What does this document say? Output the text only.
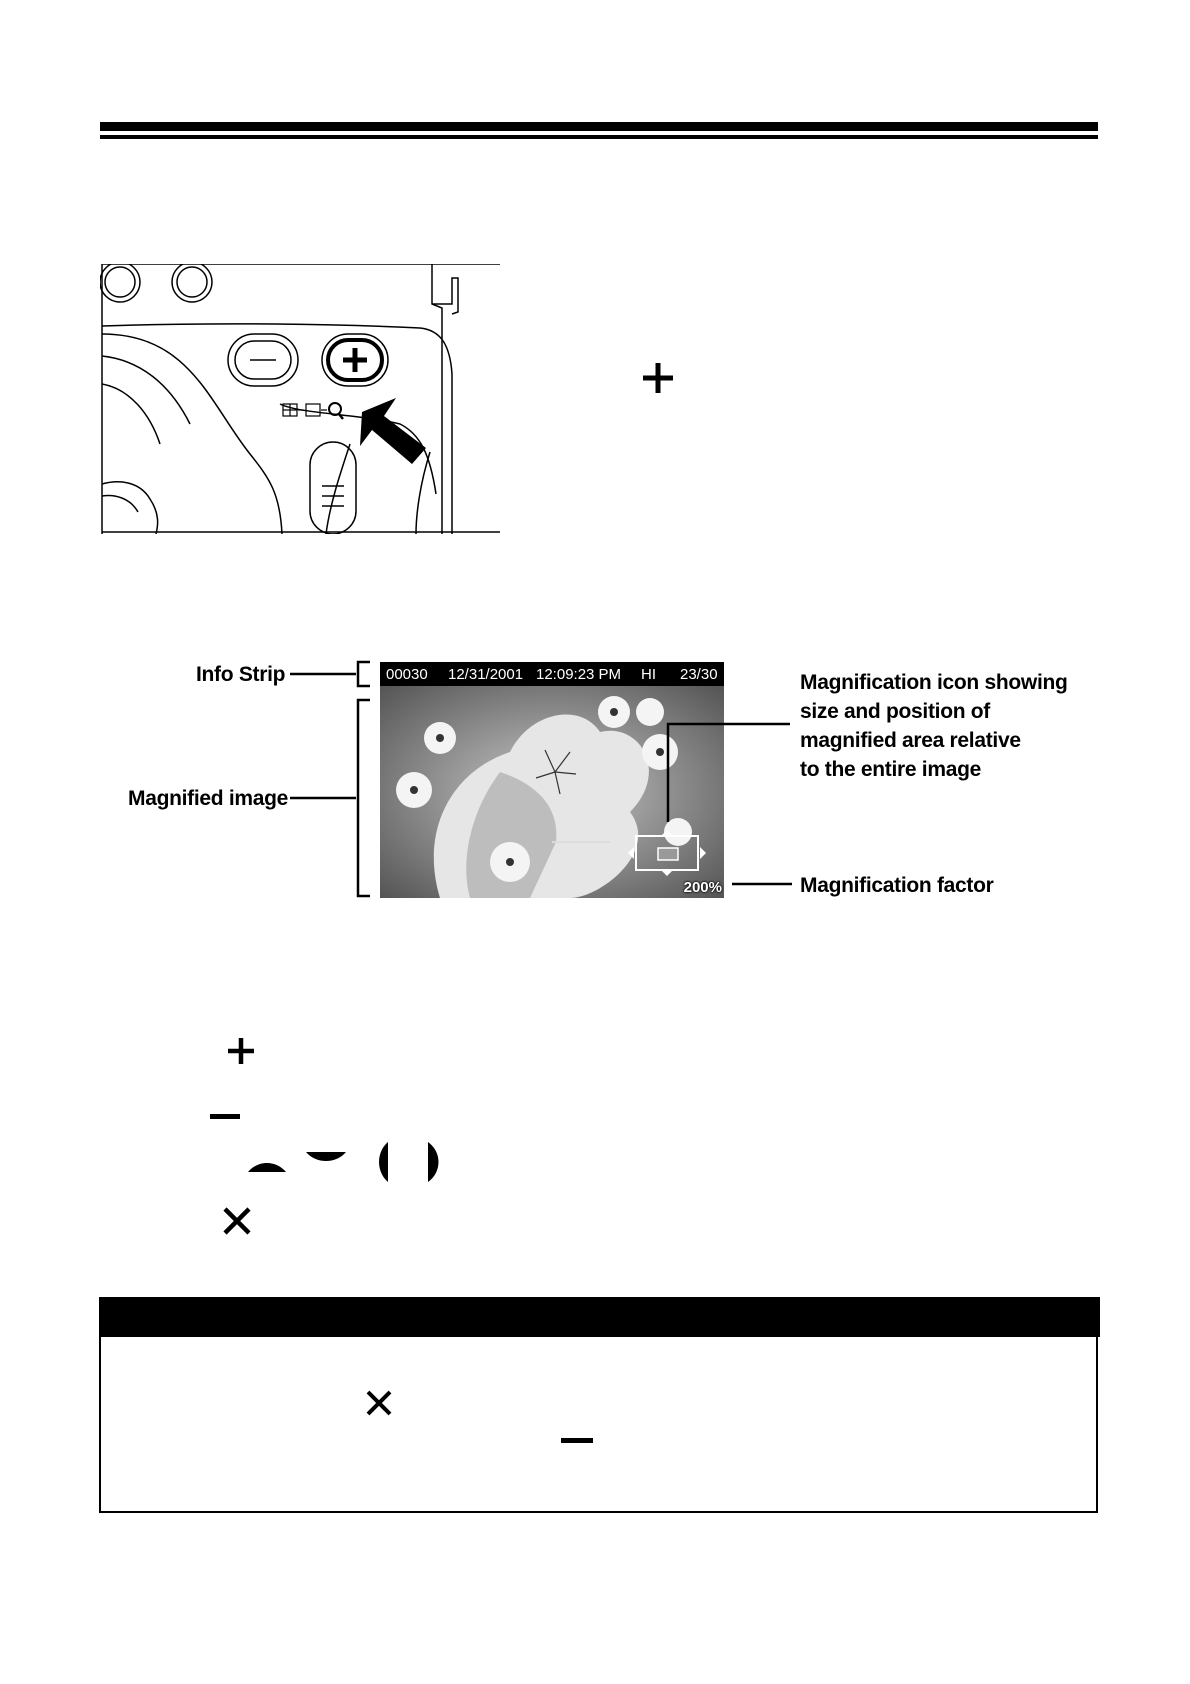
00030 12/31/2001 12:09:23 PM HI 23/30
200%
Info Strip
Magnified image
Magnification icon showing
size and position of
magnified area relative
to the entire image
Magnification factor
